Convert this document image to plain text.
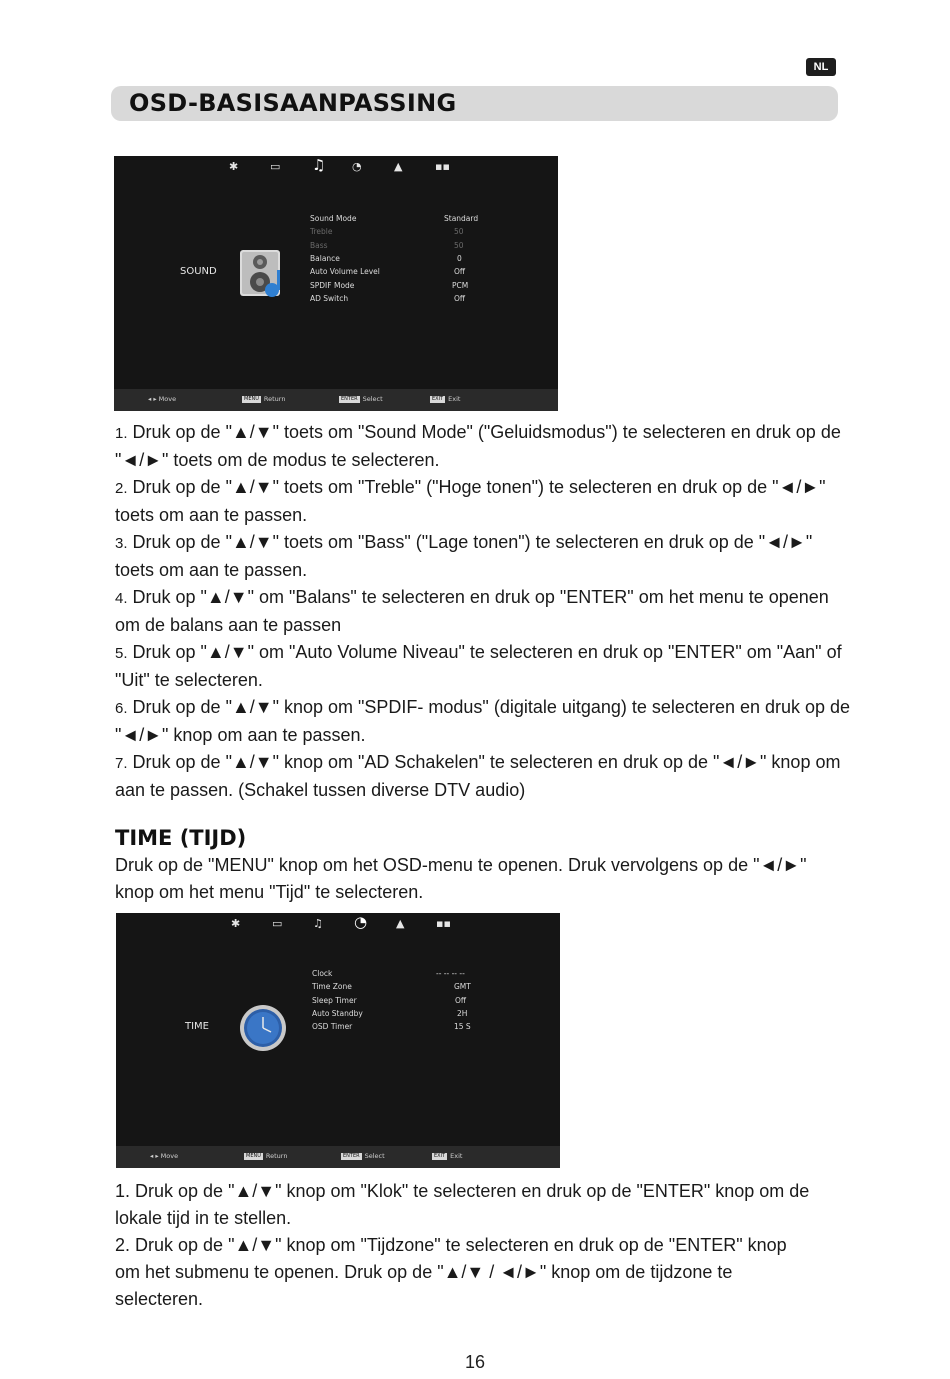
NL
OSD-BASISAANPASSING
✱	▭ ♫ ◔	▲	▪▪
SOUND
Sound Mode	Standard
Treble	50
Bass	50
Balance	0
Auto Volume Level	Off
SPDIF Mode	PCM
AD Switch	Off
◂ ▸ Move	MENU Return	ENTER Select	EXIT Exit

1. Druk op de "▲/▼" toets om "Sound Mode" ("Geluidsmodus") te selecteren en druk op de "◄/►" toets om de modus te selecteren.

2. Druk op de "▲/▼" toets om "Treble" ("Hoge tonen") te selecteren en druk op de "◄/►" toets om aan te passen.

3. Druk op de "▲/▼" toets om "Bass" ("Lage tonen") te selecteren en druk op de "◄/►" toets om aan te passen.

4. Druk op "▲/▼" om "Balans" te selecteren en druk op "ENTER" om het menu te openen om de balans aan te passen

5. Druk op "▲/▼" om "Auto Volume Niveau" te selecteren en druk op "ENTER" om "Aan" of "Uit" te selecteren.

6. Druk op de "▲/▼" knop om "SPDIF- modus" (digitale uitgang) te selecteren en druk op de "◄/►" knop om aan te passen.

7. Druk op de "▲/▼" knop om "AD Schakelen" te selecteren en druk op de "◄/►" knop om aan te passen. (Schakel tussen diverse DTV audio)

TIME (TIJD)

Druk op de "MENU" knop om het OSD-menu te openen. Druk vervolgens op de "◄/►" knop om het menu "Tijd" te selecteren.

✱	▭	♫ ◔	▲	▪▪
TIME
Clock	-- -- -- --
Time Zone	GMT
Sleep Timer	Off
Auto Standby	2H
OSD Timer	15 S
◂ ▸ Move	MENU Return	ENTER Select	EXIT Exit

1. Druk op de "▲/▼" knop om "Klok" te selecteren en druk op de "ENTER" knop om de lokale tijd in te stellen.

2. Druk op de "▲/▼" knop om "Tijdzone" te selecteren en druk op de "ENTER" knop om het submenu te openen. Druk op de "▲/▼ / ◄/►" knop om de tijdzone te selecteren.

16
